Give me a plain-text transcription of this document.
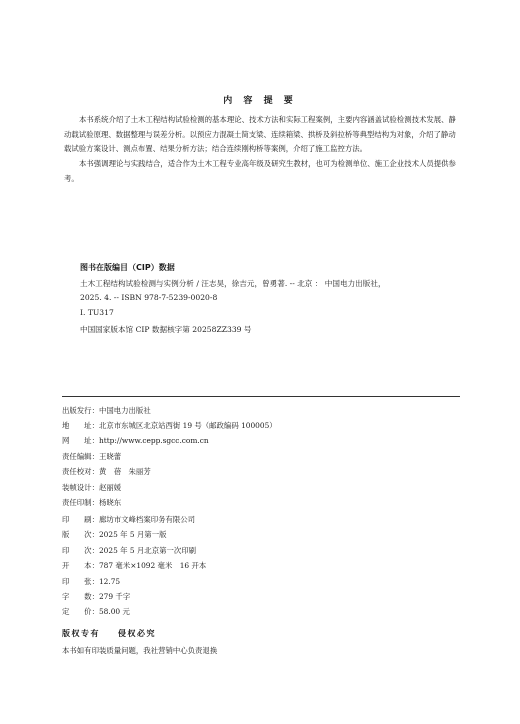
内 容 提 要

本书系统介绍了土木工程结构试验检测的基本理论、技术方法和实际工程案例，主要内容涵盖试验检测技术发展、静动载试验原理、数据整理与误差分析。以预应力混凝土简支梁、连续箱梁、拱桥及斜拉桥等典型结构为对象，介绍了静动载试验方案设计、测点布置、结果分析方法；结合连续刚构桥等案例，介绍了施工监控方法。

本书强调理论与实践结合，适合作为土木工程专业高年级及研究生教材，也可为检测单位、施工企业技术人员提供参考。

图书在版编目（CIP）数据
土木工程结构试验检测与实例分析 / 汪志昊，徐吉元，曾勇著. -- 北京 ： 中国电力出版社，
2025. 4. -- ISBN 978-7-5239-0020-8
Ⅰ. TU317
中国国家版本馆 CIP 数据核字第 20258ZZ339 号
出版发行：中国电力出版社
地　　址：北京市东城区北京站西街 19 号（邮政编码 100005）
网　　址：http://www.cepp.sgcc.com.cn
责任编辑：王晓蕾
责任校对：黄　蓓　朱丽芳
装帧设计：赵丽媛
责任印制：杨晓东
印　　刷：廊坊市文峰档案印务有限公司
版　　次：2025 年 5 月第一版
印　　次：2025 年 5 月北京第一次印刷
开　　本：787 毫米×1092 毫米　16 开本
印　　张：12.75
字　　数：279 千字
定　　价：58.00 元
版权专有 侵权必究
本书如有印装质量问题，我社营销中心负责退换
